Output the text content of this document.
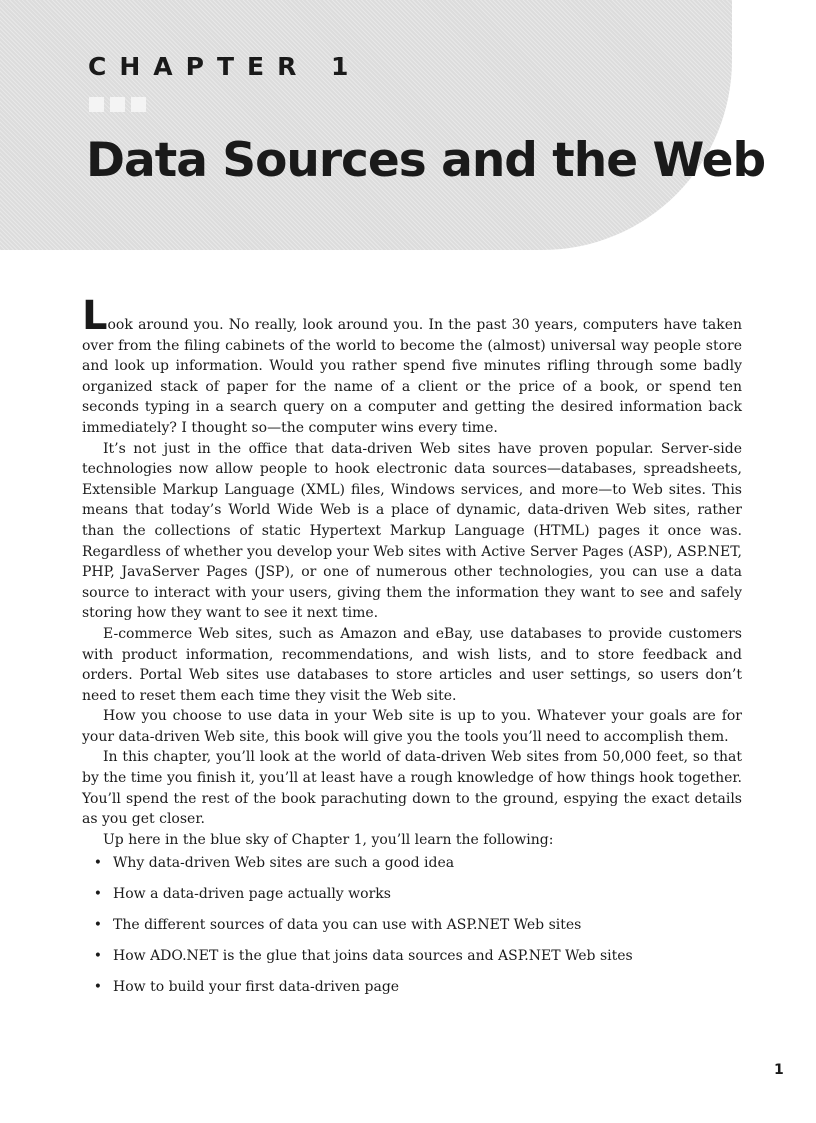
CHAPTER 1
Data Sources and the Web

Look around you. No really, look around you. In the past 30 years, computers have taken over from the filing cabinets of the world to become the (almost) universal way people store and look up information. Would you rather spend five minutes rifling through some badly organized stack of paper for the name of a client or the price of a book, or spend ten seconds typing in a search query on a computer and getting the desired information back immediately? I thought so—the computer wins every time.

It’s not just in the office that data-driven Web sites have proven popular. Server-side technologies now allow people to hook electronic data sources—databases, spreadsheets, Extensible Markup Language (XML) files, Windows services, and more—to Web sites. This means that today’s World Wide Web is a place of dynamic, data-driven Web sites, rather than the collections of static Hypertext Markup Language (HTML) pages it once was. Regardless of whether you develop your Web sites with Active Server Pages (ASP), ASP.NET, PHP, JavaServer Pages (JSP), or one of numerous other technologies, you can use a data source to interact with your users, giving them the information they want to see and safely storing how they want to see it next time.

E-commerce Web sites, such as Amazon and eBay, use databases to provide customers with product information, recommendations, and wish lists, and to store feedback and orders. Portal Web sites use databases to store articles and user settings, so users don’t need to reset them each time they visit the Web site.

How you choose to use data in your Web site is up to you. Whatever your goals are for your data-driven Web site, this book will give you the tools you’ll need to accomplish them.

In this chapter, you’ll look at the world of data-driven Web sites from 50,000 feet, so that by the time you finish it, you’ll at least have a rough knowledge of how things hook together. You’ll spend the rest of the book parachuting down to the ground, espying the exact details as you get closer.

Up here in the blue sky of Chapter 1, you’ll learn the following:

• Why data-driven Web sites are such a good idea
• How a data-driven page actually works
• The different sources of data you can use with ASP.NET Web sites
• How ADO.NET is the glue that joins data sources and ASP.NET Web sites
• How to build your first data-driven page
1
